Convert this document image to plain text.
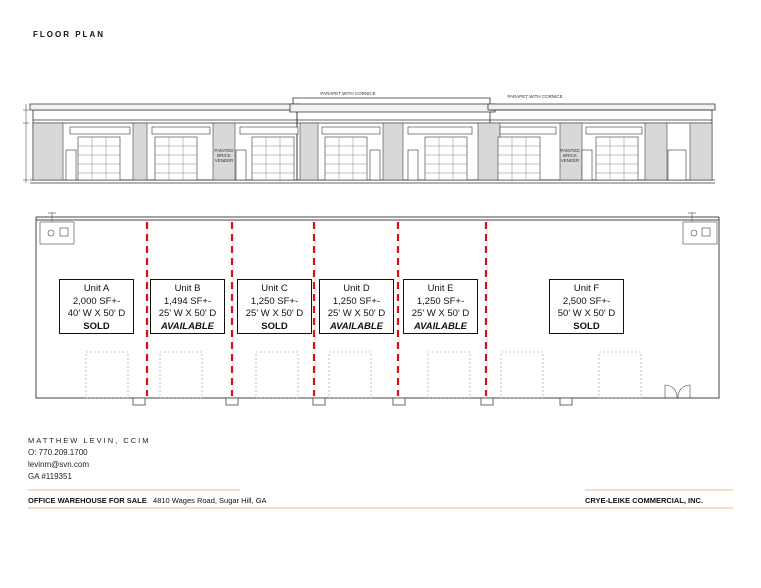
FLOOR PLAN
PARAPET WITH CORNICE
PARAPET WITH CORNICE
PAINTED BRICK VENEER
PAINTED BRICK VENEER
Unit A
2,000 SF+-
40' W X 50' D
SOLD
Unit B
1,494 SF+-
25' W X 50' D
AVAILABLE
Unit C
1,250 SF+-
25' W X 50' D
SOLD
Unit D
1,250 SF+-
25' W X 50' D
AVAILABLE
Unit E
1,250 SF+-
25' W X 50' D
AVAILABLE
Unit F
2,500 SF+-
50' W X 50' D
SOLD
MATTHEW LEVIN, CCIM
O: 770.209.1700
levinm@svn.com
GA #119351
OFFICE WAREHOUSE FOR SALE 4810 Wages Road, Sugar Hill, GA	CRYE-LEIKE COMMERCIAL, INC.
